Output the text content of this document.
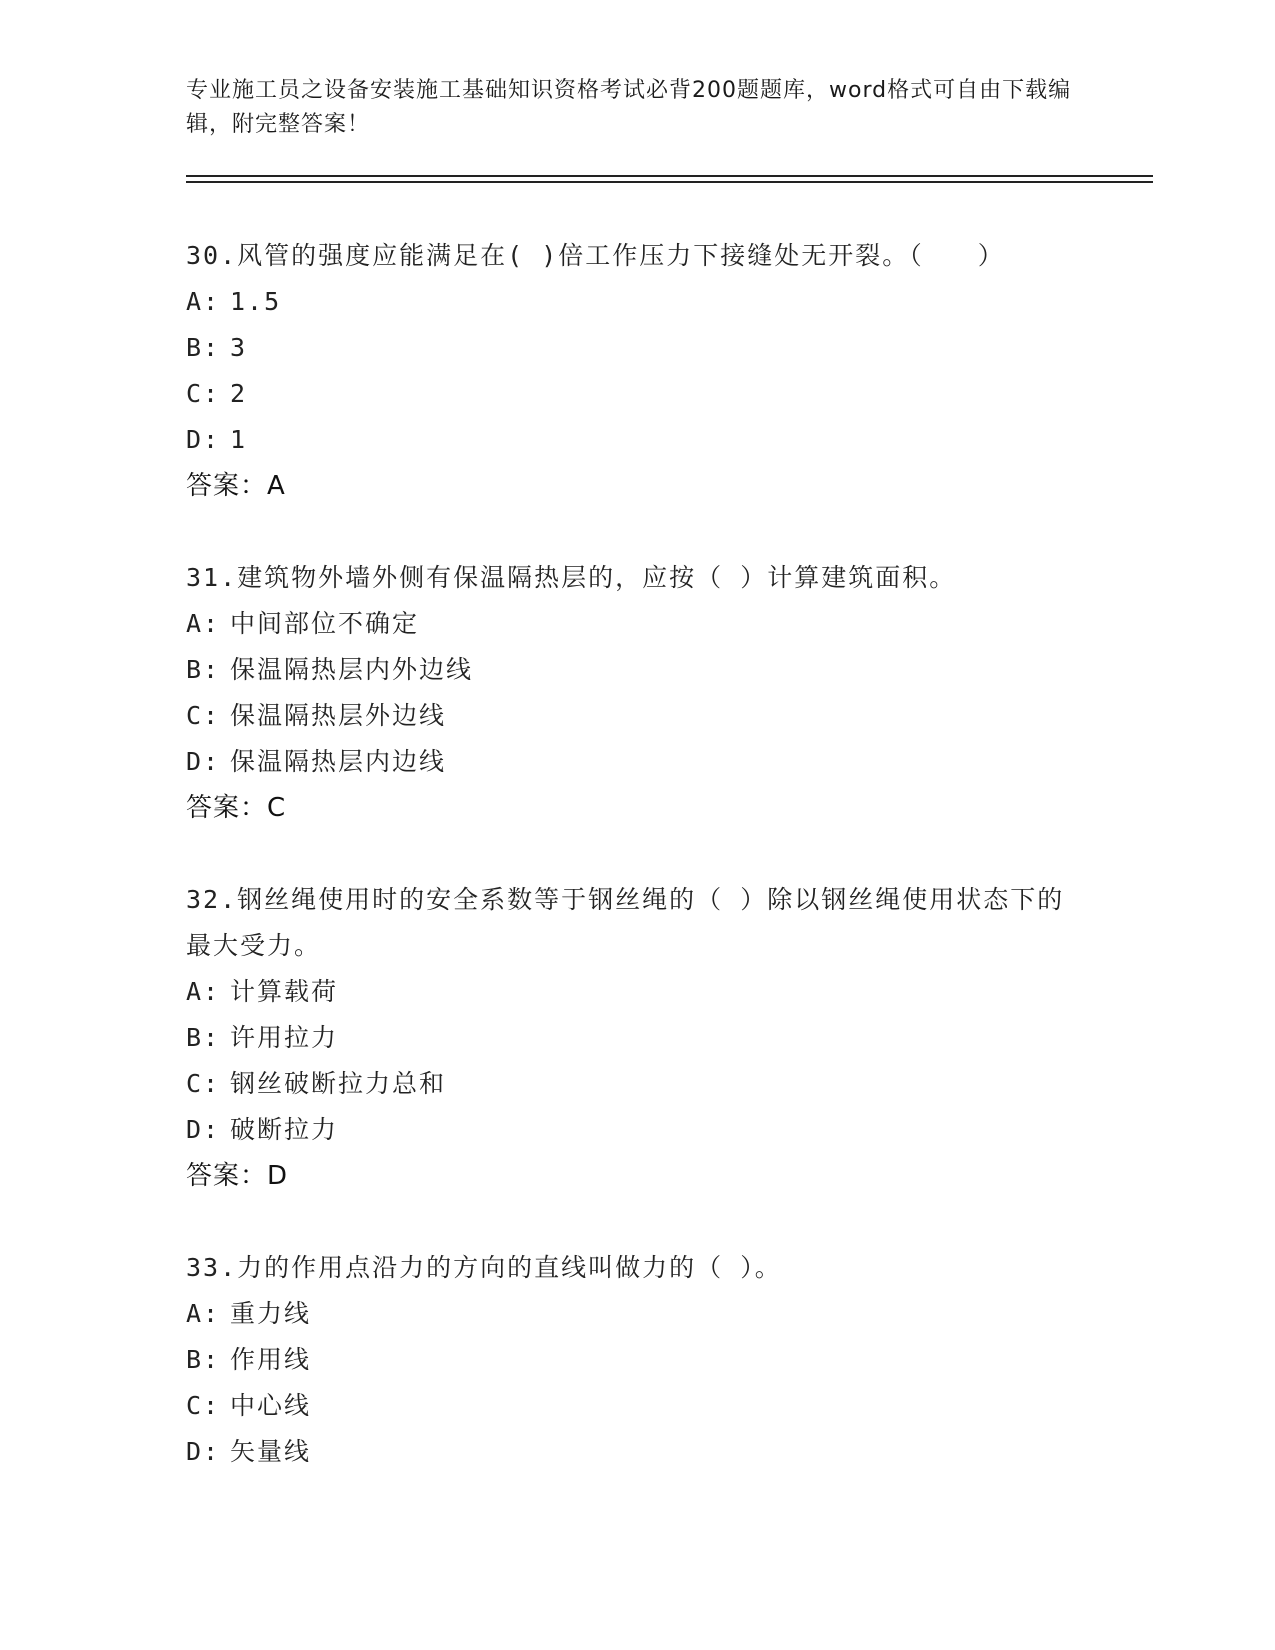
专业施工员之设备安装施工基础知识资格考试必背200题题库，word格式可自由下载编辑，附完整答案！
30.风管的强度应能满足在( )倍工作压力下接缝处无开裂。（　　）
A: 1.5
B: 3
C: 2
D: 1
答案：A
31.建筑物外墙外侧有保温隔热层的，应按（ ）计算建筑面积。
A: 中间部位不确定
B: 保温隔热层内外边线
C: 保温隔热层外边线
D: 保温隔热层内边线
答案：C
32.钢丝绳使用时的安全系数等于钢丝绳的（ ）除以钢丝绳使用状态下的最大受力。
A: 计算载荷
B: 许用拉力
C: 钢丝破断拉力总和
D: 破断拉力
答案：D
33.力的作用点沿力的方向的直线叫做力的（ ）。
A: 重力线
B: 作用线
C: 中心线
D: 矢量线
